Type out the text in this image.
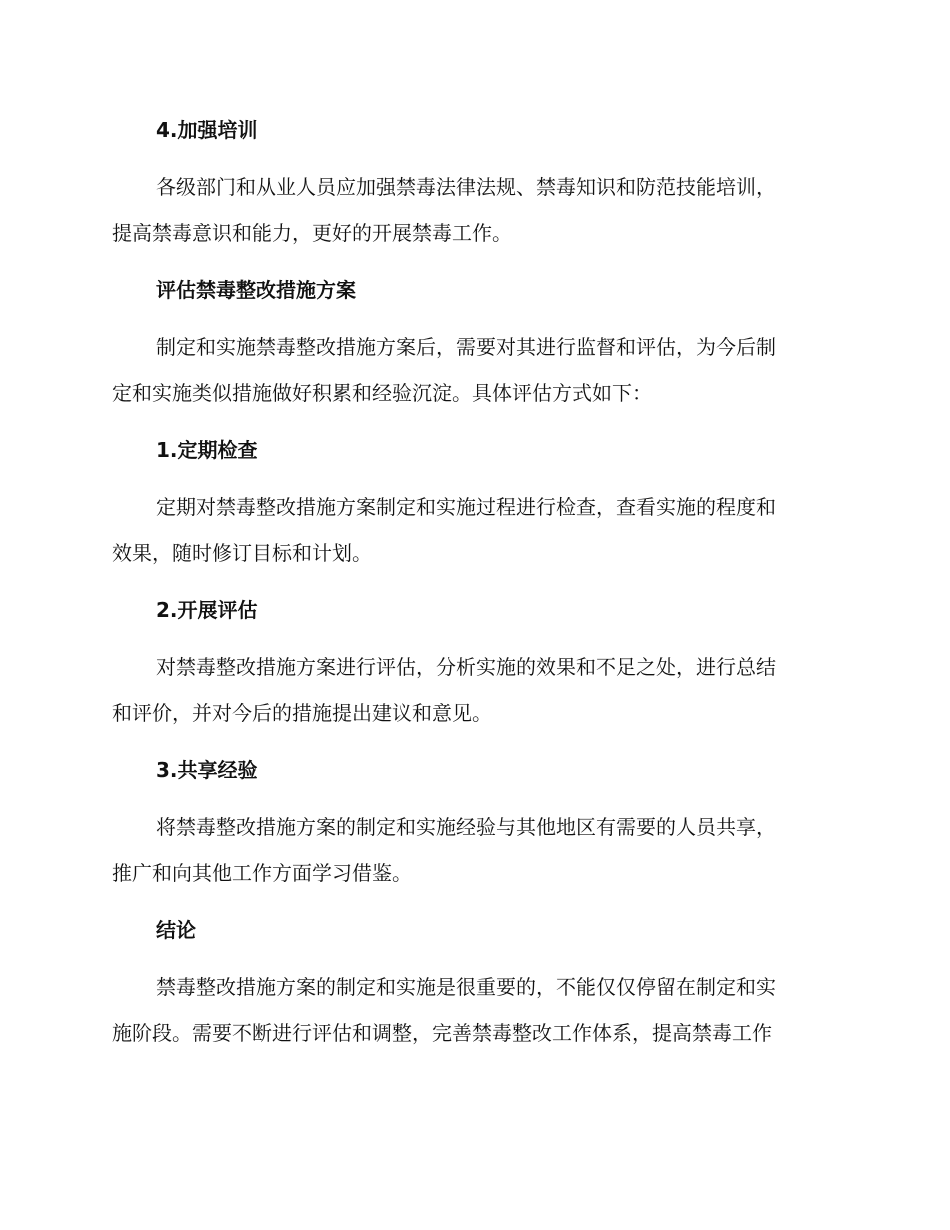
4.加强培训
各级部门和从业人员应加强禁毒法律法规、禁毒知识和防范技能培训，
提高禁毒意识和能力，更好的开展禁毒工作。
评估禁毒整改措施方案
制定和实施禁毒整改措施方案后，需要对其进行监督和评估，为今后制
定和实施类似措施做好积累和经验沉淀。具体评估方式如下：
1.定期检查
定期对禁毒整改措施方案制定和实施过程进行检查，查看实施的程度和
效果，随时修订目标和计划。
2.开展评估
对禁毒整改措施方案进行评估，分析实施的效果和不足之处，进行总结
和评价，并对今后的措施提出建议和意见。
3.共享经验
将禁毒整改措施方案的制定和实施经验与其他地区有需要的人员共享，
推广和向其他工作方面学习借鉴。
结论
禁毒整改措施方案的制定和实施是很重要的，不能仅仅停留在制定和实
施阶段。需要不断进行评估和调整，完善禁毒整改工作体系，提高禁毒工作
